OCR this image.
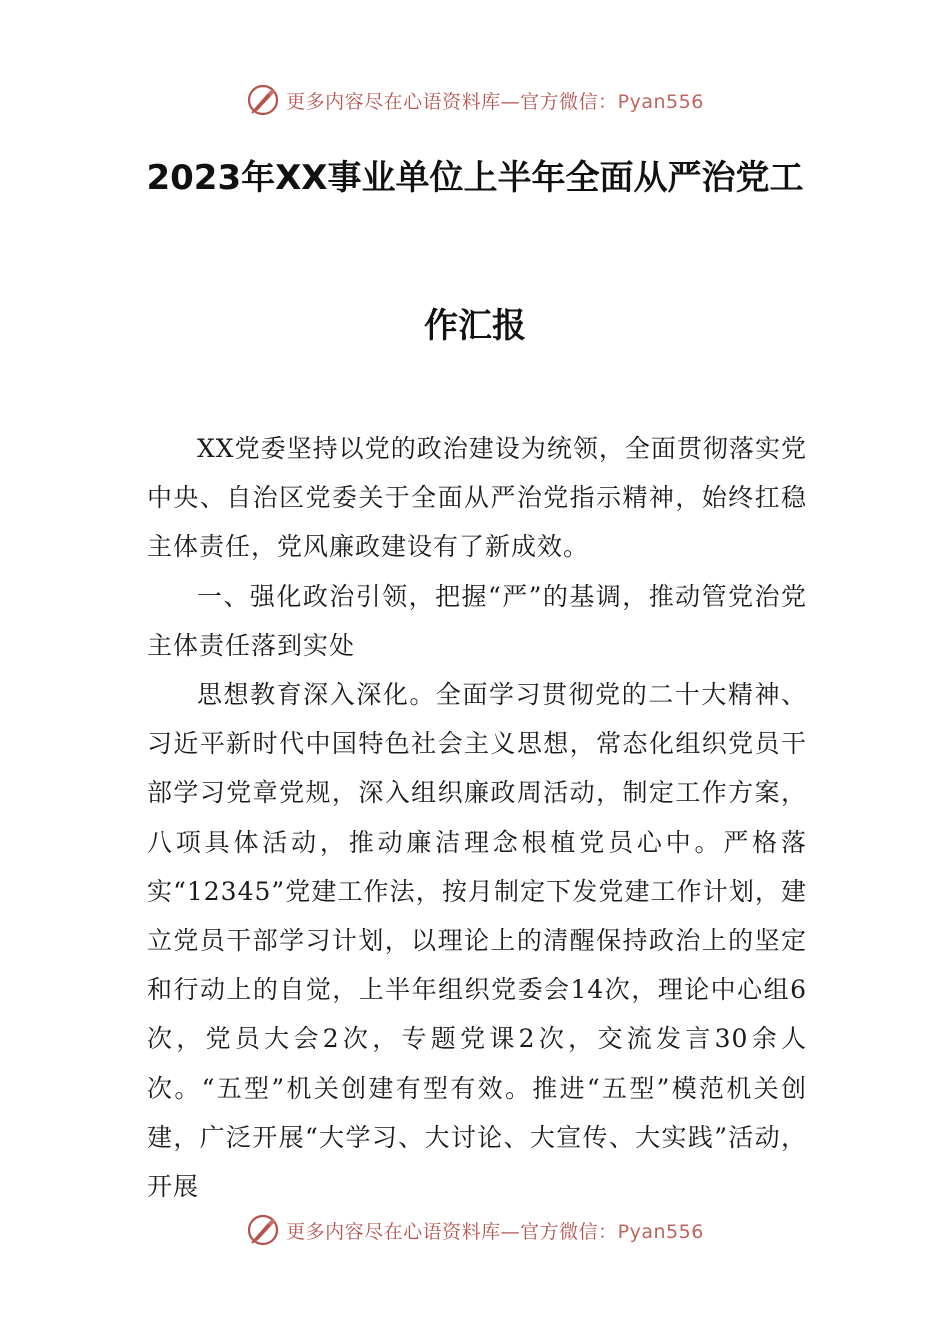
更多内容尽在心语资料库—官方微信：Pyan556
2023年XX事业单位上半年全面从严治党工
作汇报

XX党委坚持以党的政治建设为统领，全面贯彻落实党中央、自治区党委关于全面从严治党指示精神，始终扛稳主体责任，党风廉政建设有了新成效。

一、强化政治引领，把握“严”的基调，推动管党治党主体责任落到实处

思想教育深入深化。全面学习贯彻党的二十大精神、习近平新时代中国特色社会主义思想，常态化组织党员干部学习党章党规，深入组织廉政周活动，制定工作方案，八项具体活动，推动廉洁理念根植党员心中。严格落实“12345”党建工作法，按月制定下发党建工作计划，建立党员干部学习计划，以理论上的清醒保持政治上的坚定和行动上的自觉，上半年组织党委会14次，理论中心组6次，党员大会2次，专题党课2次，交流发言30余人次。“五型”机关创建有型有效。推进“五型”模范机关创建，广泛开展“大学习、大讨论、大宣传、大实践”活动，开展

更多内容尽在心语资料库—官方微信：Pyan556
